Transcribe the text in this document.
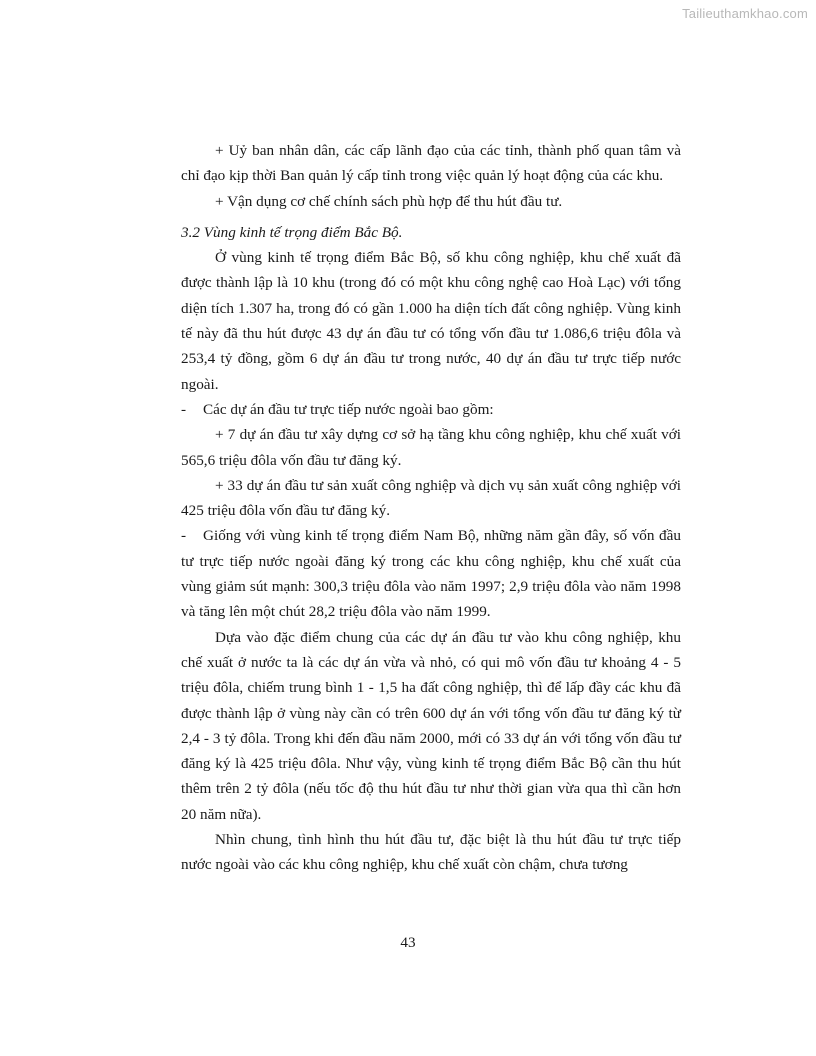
Tailieuthamkhao.com

+ Uỷ ban nhân dân, các cấp lãnh đạo của các tỉnh, thành phố quan tâm và chỉ đạo kịp thời Ban quản lý cấp tỉnh trong việc quản lý hoạt động của các khu.

+ Vận dụng cơ chế chính sách phù hợp để thu hút đầu tư.

3.2 Vùng kinh tế trọng điểm Bắc Bộ.

Ở vùng kinh tế trọng điểm Bắc Bộ, số khu công nghiệp, khu chế xuất đã được thành lập là 10 khu (trong đó có một khu công nghệ cao Hoà Lạc) với tổng diện tích 1.307 ha, trong đó có gần 1.000 ha diện tích đất công nghiệp. Vùng kinh tế này đã thu hút được 43 dự án đầu tư có tổng vốn đầu tư 1.086,6 triệu đôla và 253,4 tỷ đồng, gồm 6 dự án đầu tư trong nước, 40 dự án đầu tư trực tiếp nước ngoài.

- Các dự án đầu tư trực tiếp nước ngoài bao gồm:

+ 7 dự án đầu tư xây dựng cơ sở hạ tầng khu công nghiệp, khu chế xuất với 565,6 triệu đôla vốn đầu tư đăng ký.

+ 33 dự án đầu tư sản xuất công nghiệp và dịch vụ sản xuất công nghiệp với 425 triệu đôla vốn đầu tư đăng ký.

- Giống với vùng kinh tế trọng điểm Nam Bộ, những năm gần đây, số vốn đầu tư trực tiếp nước ngoài đăng ký trong các khu công nghiệp, khu chế xuất của vùng giảm sút mạnh: 300,3 triệu đôla vào năm 1997; 2,9 triệu đôla vào năm 1998 và tăng lên một chút 28,2 triệu đôla vào năm 1999.

Dựa vào đặc điểm chung của các dự án đầu tư vào khu công nghiệp, khu chế xuất ở nước ta là các dự án vừa và nhỏ, có qui mô vốn đầu tư khoảng 4 - 5 triệu đôla, chiếm trung bình 1 - 1,5 ha đất công nghiệp, thì để lấp đầy các khu đã được thành lập ở vùng này cần có trên 600 dự án với tổng vốn đầu tư đăng ký từ 2,4 - 3 tỷ đôla. Trong khi đến đầu năm 2000, mới có 33 dự án với tổng vốn đầu tư đăng ký là 425 triệu đôla. Như vậy, vùng kinh tế trọng điểm Bắc Bộ cần thu hút thêm trên 2 tỷ đôla (nếu tốc độ thu hút đầu tư như thời gian vừa qua thì cần hơn 20 năm nữa).

Nhìn chung, tình hình thu hút đầu tư, đặc biệt là thu hút đầu tư trực tiếp nước ngoài vào các khu công nghiệp, khu chế xuất còn chậm, chưa tương

43
